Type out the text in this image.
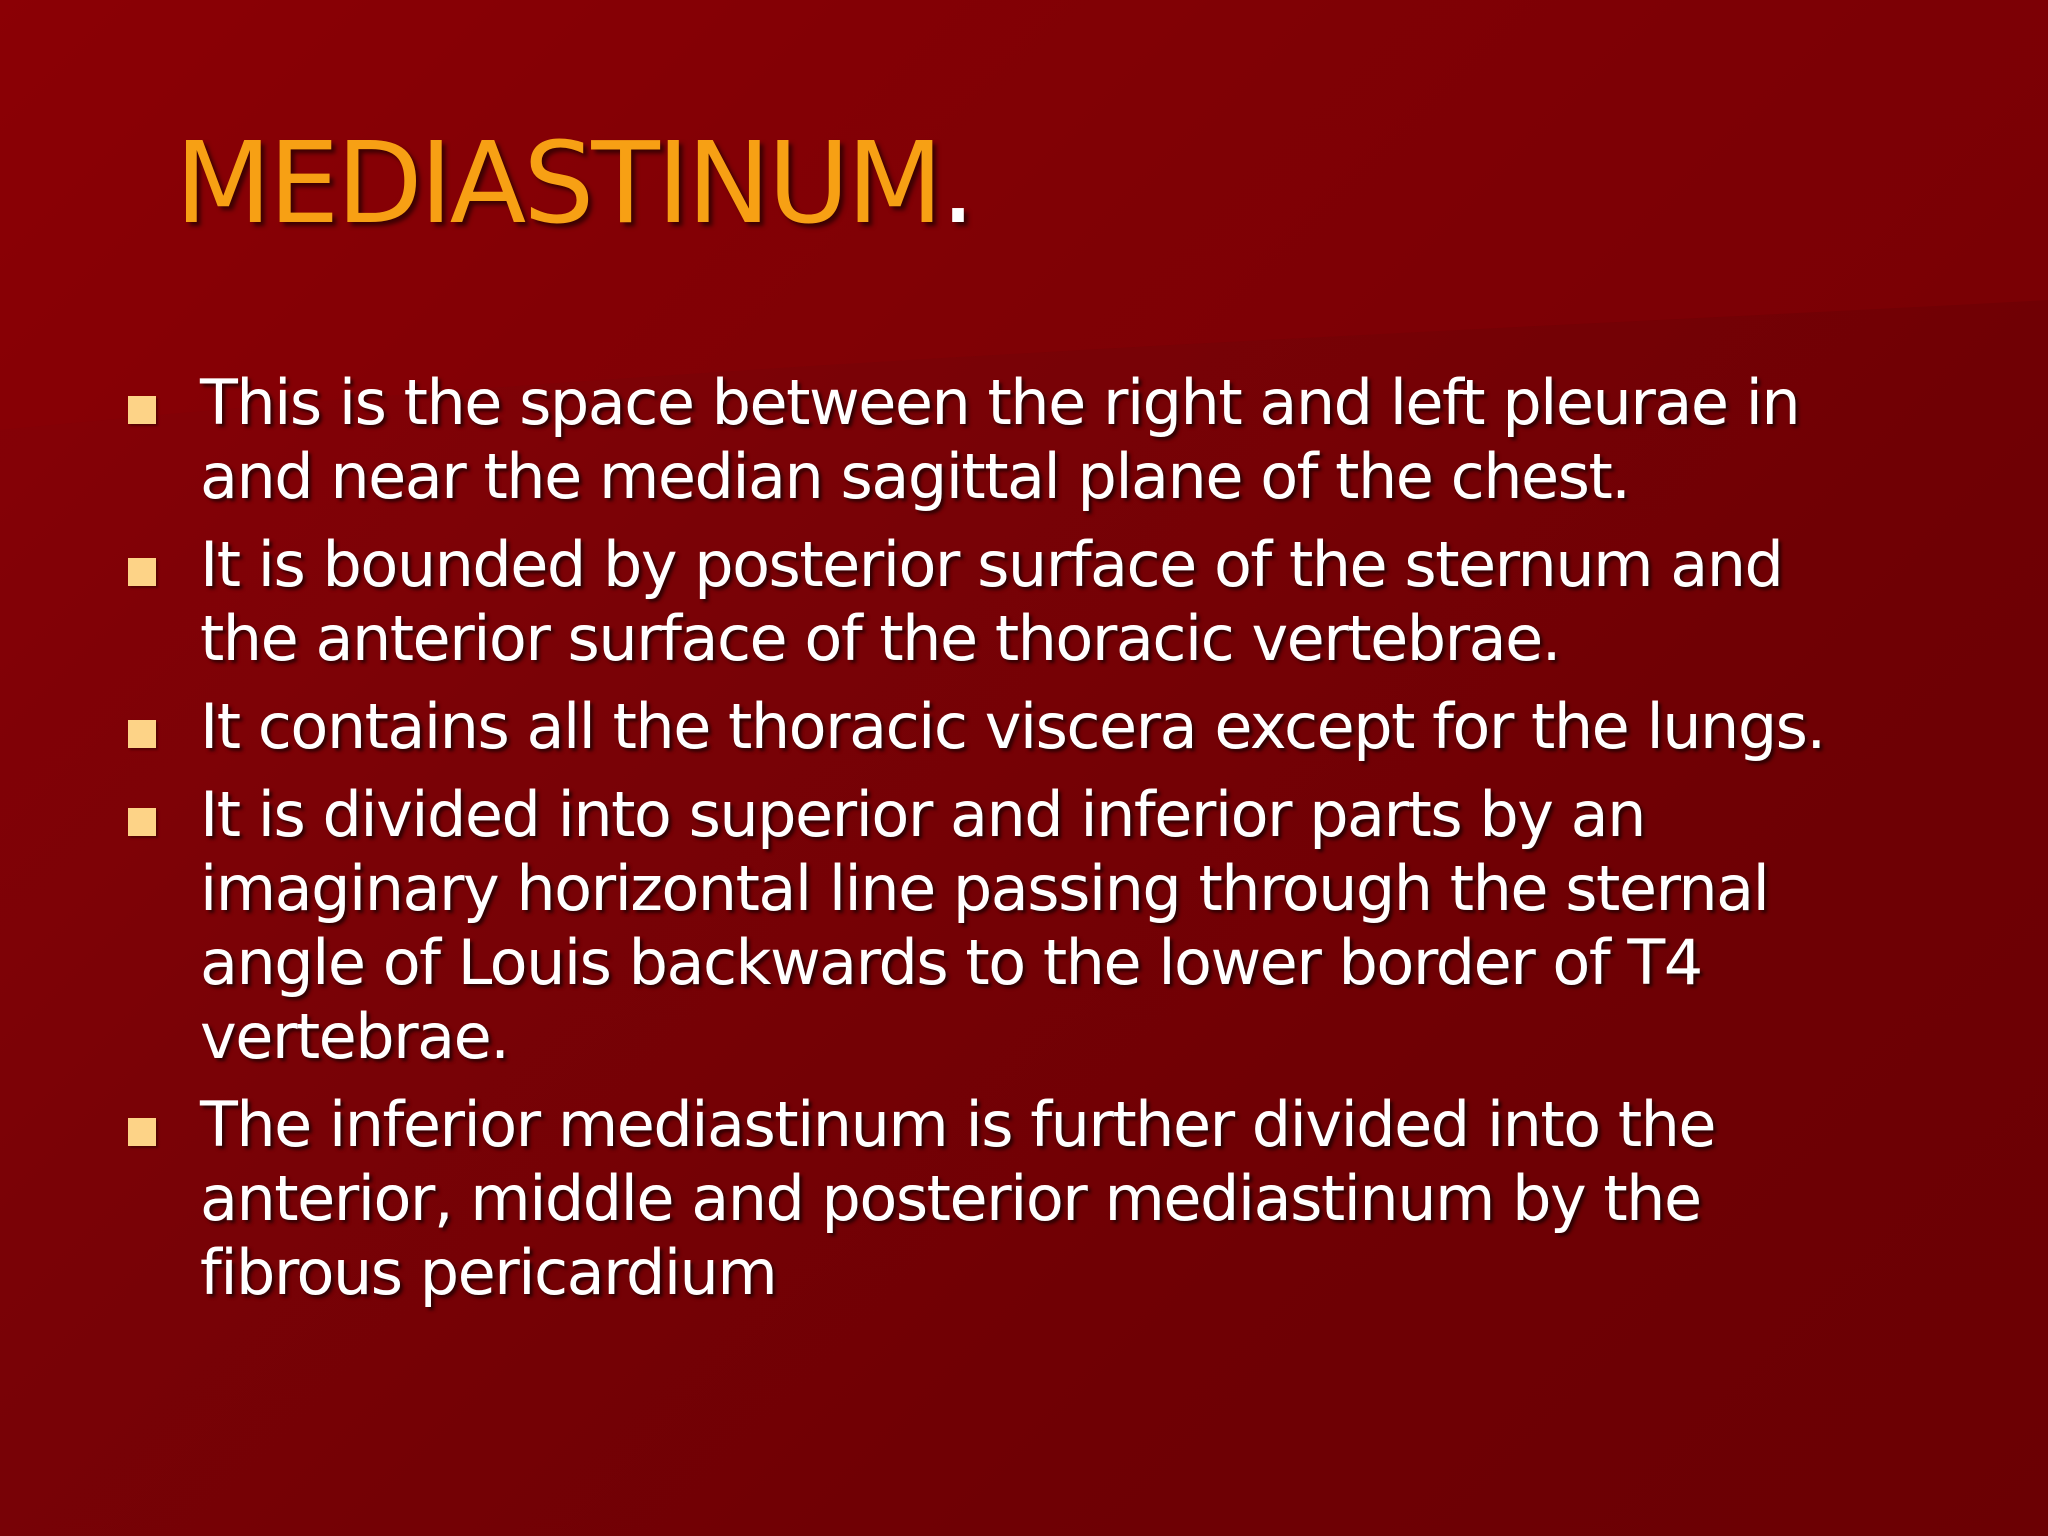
MEDIASTINUM.
This is the space between the right and left pleurae in and near the median sagittal plane of the chest.
It is bounded by posterior surface of the sternum and the anterior surface of the thoracic vertebrae.
It contains all the thoracic viscera except for the lungs.
It is divided into superior and inferior parts by an imaginary horizontal line passing through the sternal angle of Louis backwards to the lower border of T4 vertebrae.
The inferior mediastinum is further divided into the anterior, middle and posterior mediastinum by the fibrous pericardium
